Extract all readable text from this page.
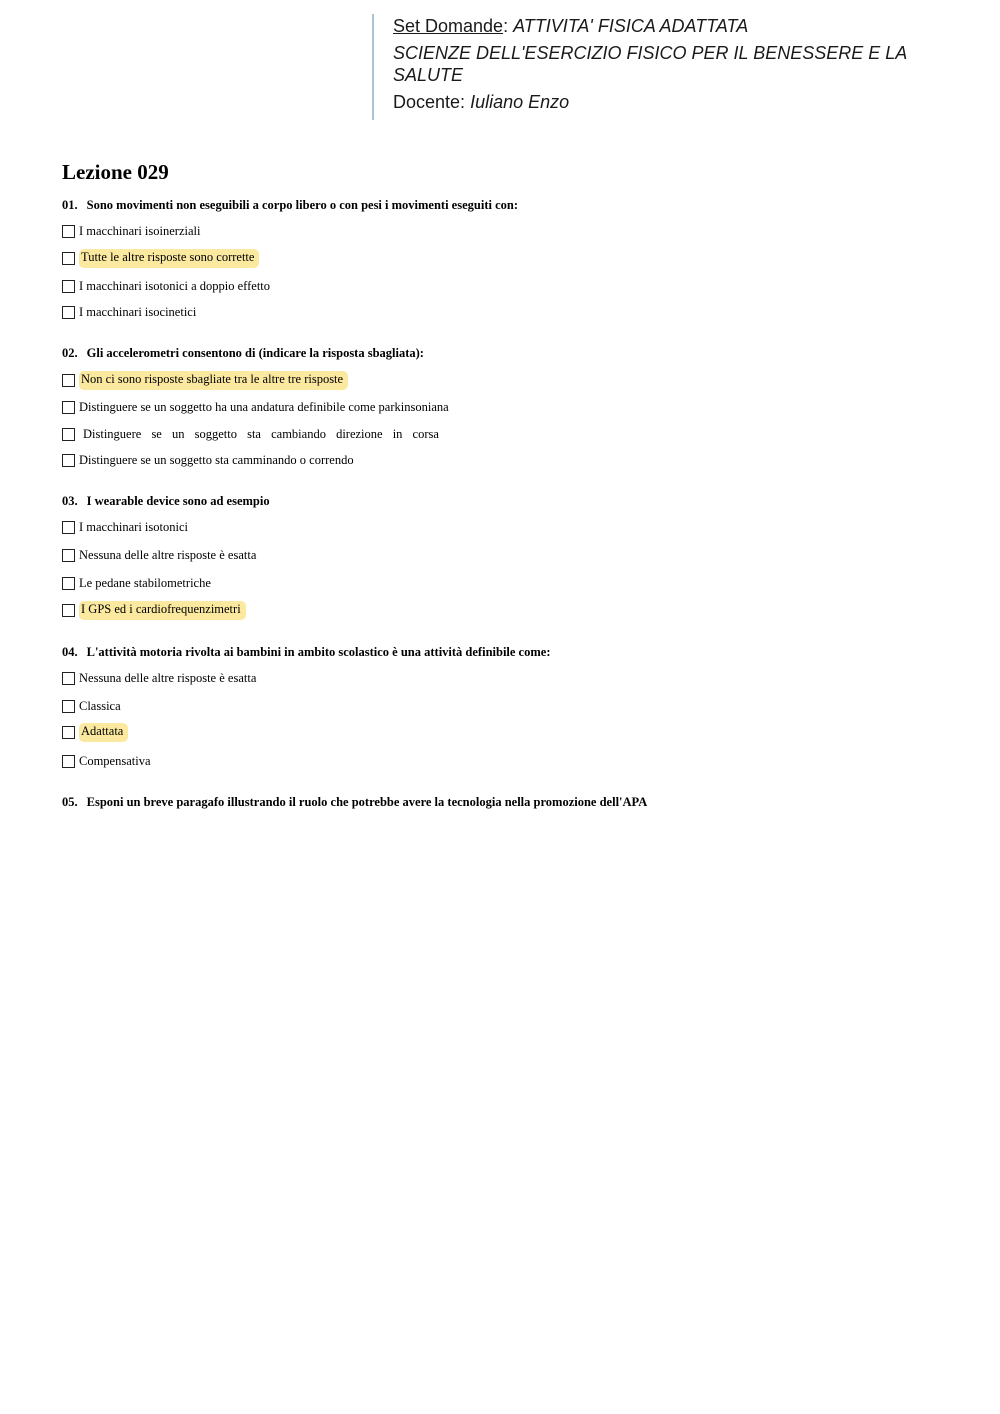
Set Domande: ATTIVITA' FISICA ADATTATA
SCIENZE DELL'ESERCIZIO FISICO PER IL BENESSERE E LA SALUTE
Docente: Iuliano Enzo
Lezione 029
01. Sono movimenti non eseguibili a corpo libero o con pesi i movimenti eseguiti con:
I macchinari isoinerziali
Tutte le altre risposte sono corrette
I macchinari isotonici a doppio effetto
I macchinari isocinetici
02. Gli accelerometri consentono di (indicare la risposta sbagliata):
Non ci sono risposte sbagliate tra le altre tre risposte
Distinguere se un soggetto ha una andatura definibile come parkinsoniana
Distinguere se un soggetto sta cambiando direzione in corsa
Distinguere se un soggetto sta camminando o correndo
03. I wearable device sono ad esempio
I macchinari isotonici
Nessuna delle altre risposte è esatta
Le pedane stabilometriche
I GPS ed i cardiofrequenzimetri
04. L'attività motoria rivolta ai bambini in ambito scolastico è una attività definibile come:
Nessuna delle altre risposte è esatta
Classica
Adattata
Compensativa
05. Esponi un breve paragafo illustrando il ruolo che potrebbe avere la tecnologia nella promozione dell'APA
